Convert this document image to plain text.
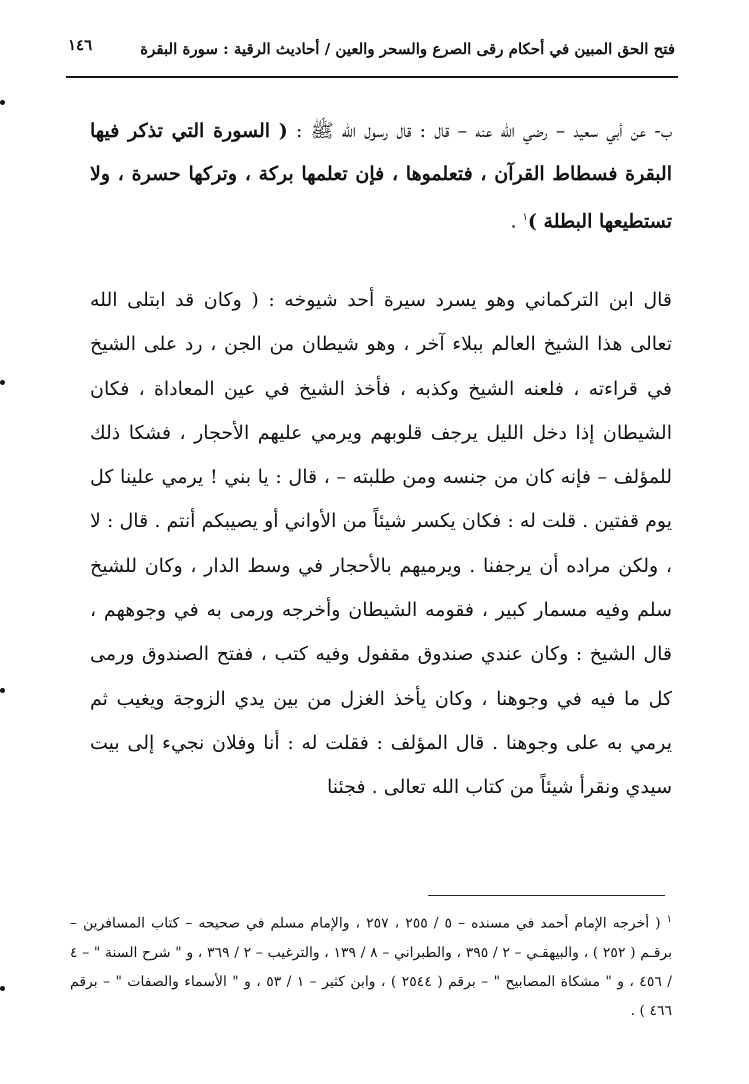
١٤٦	فتح الحق المبين في أحكام رقى الصرع والسحر والعين / أحاديث الرقية : سورة البقرة

ب- عن أبي سعيد – رضي الله عنه – قال : قال رسول الله ﷺ : ( السورة التي تذكر فيها البقرة فسطاط القرآن ، فتعلموها ، فإن تعلمها بركة ، وتركها حسرة ، ولا تستطيعها البطلة )$^١$ .

قال ابن التركماني وهو يسرد سيرة أحد شيوخه : ( وكان قد ابتلى الله تعالى هذا الشيخ العالم ببلاء آخر ، وهو شيطان من الجن ، رد على الشيخ في قراءته ، فلعنه الشيخ وكذبه ، فأخذ الشيخ في عين المعاداة ، فكان الشيطان إذا دخل الليل يرجف قلوبهم ويرمي عليهم الأحجار ، فشكا ذلك للمؤلف – فإنه كان من جنسه ومن طلبته – ، قال : يا بني ! يرمي علينا كل يوم قفتين . قلت له : فكان يكسر شيئاً من الأواني أو يصيبكم أنتم . قال : لا ، ولكن مراده أن يرجفنا . ويرميهم بالأحجار في وسط الدار ، وكان للشيخ سلم وفيه مسمار كبير ، فقومه الشيطان وأخرجه ورمى به في وجوههم ، قال الشيخ : وكان عندي صندوق مقفول وفيه كتب ، ففتح الصندوق ورمى كل ما فيه في وجوهنا ، وكان يأخذ الغزل من بين يدي الزوجة ويغيب ثم يرمي به على وجوهنا . قال المؤلف : فقلت له : أنا وفلان نجيء إلى بيت سيدي ونقرأ شيئاً من كتاب الله تعالى . فجئنا

$^١$ ( أخرجه الإمام أحمد في مسنده – ٥ / ٢٥٥ ، ٢٥٧ ، والإمام مسلم في صحيحه – كتاب المسافرين – برقـم ( ٢٥٢ ) ، والبيهقـي – ٢ / ٣٩٥ ، والطبراني – ٨ / ١٣٩ ، والترغيب – ٢ / ٣٦٩ ، و " شرح السنة " – ٤ / ٤٥٦ ، و " مشكاة المصابيح " – برقم ( ٢٥٤٤ ) ، وابن كثير – ١ / ٥٣ ، و " الأسماء والصفات " – برقم ٤٦٦ ) .
